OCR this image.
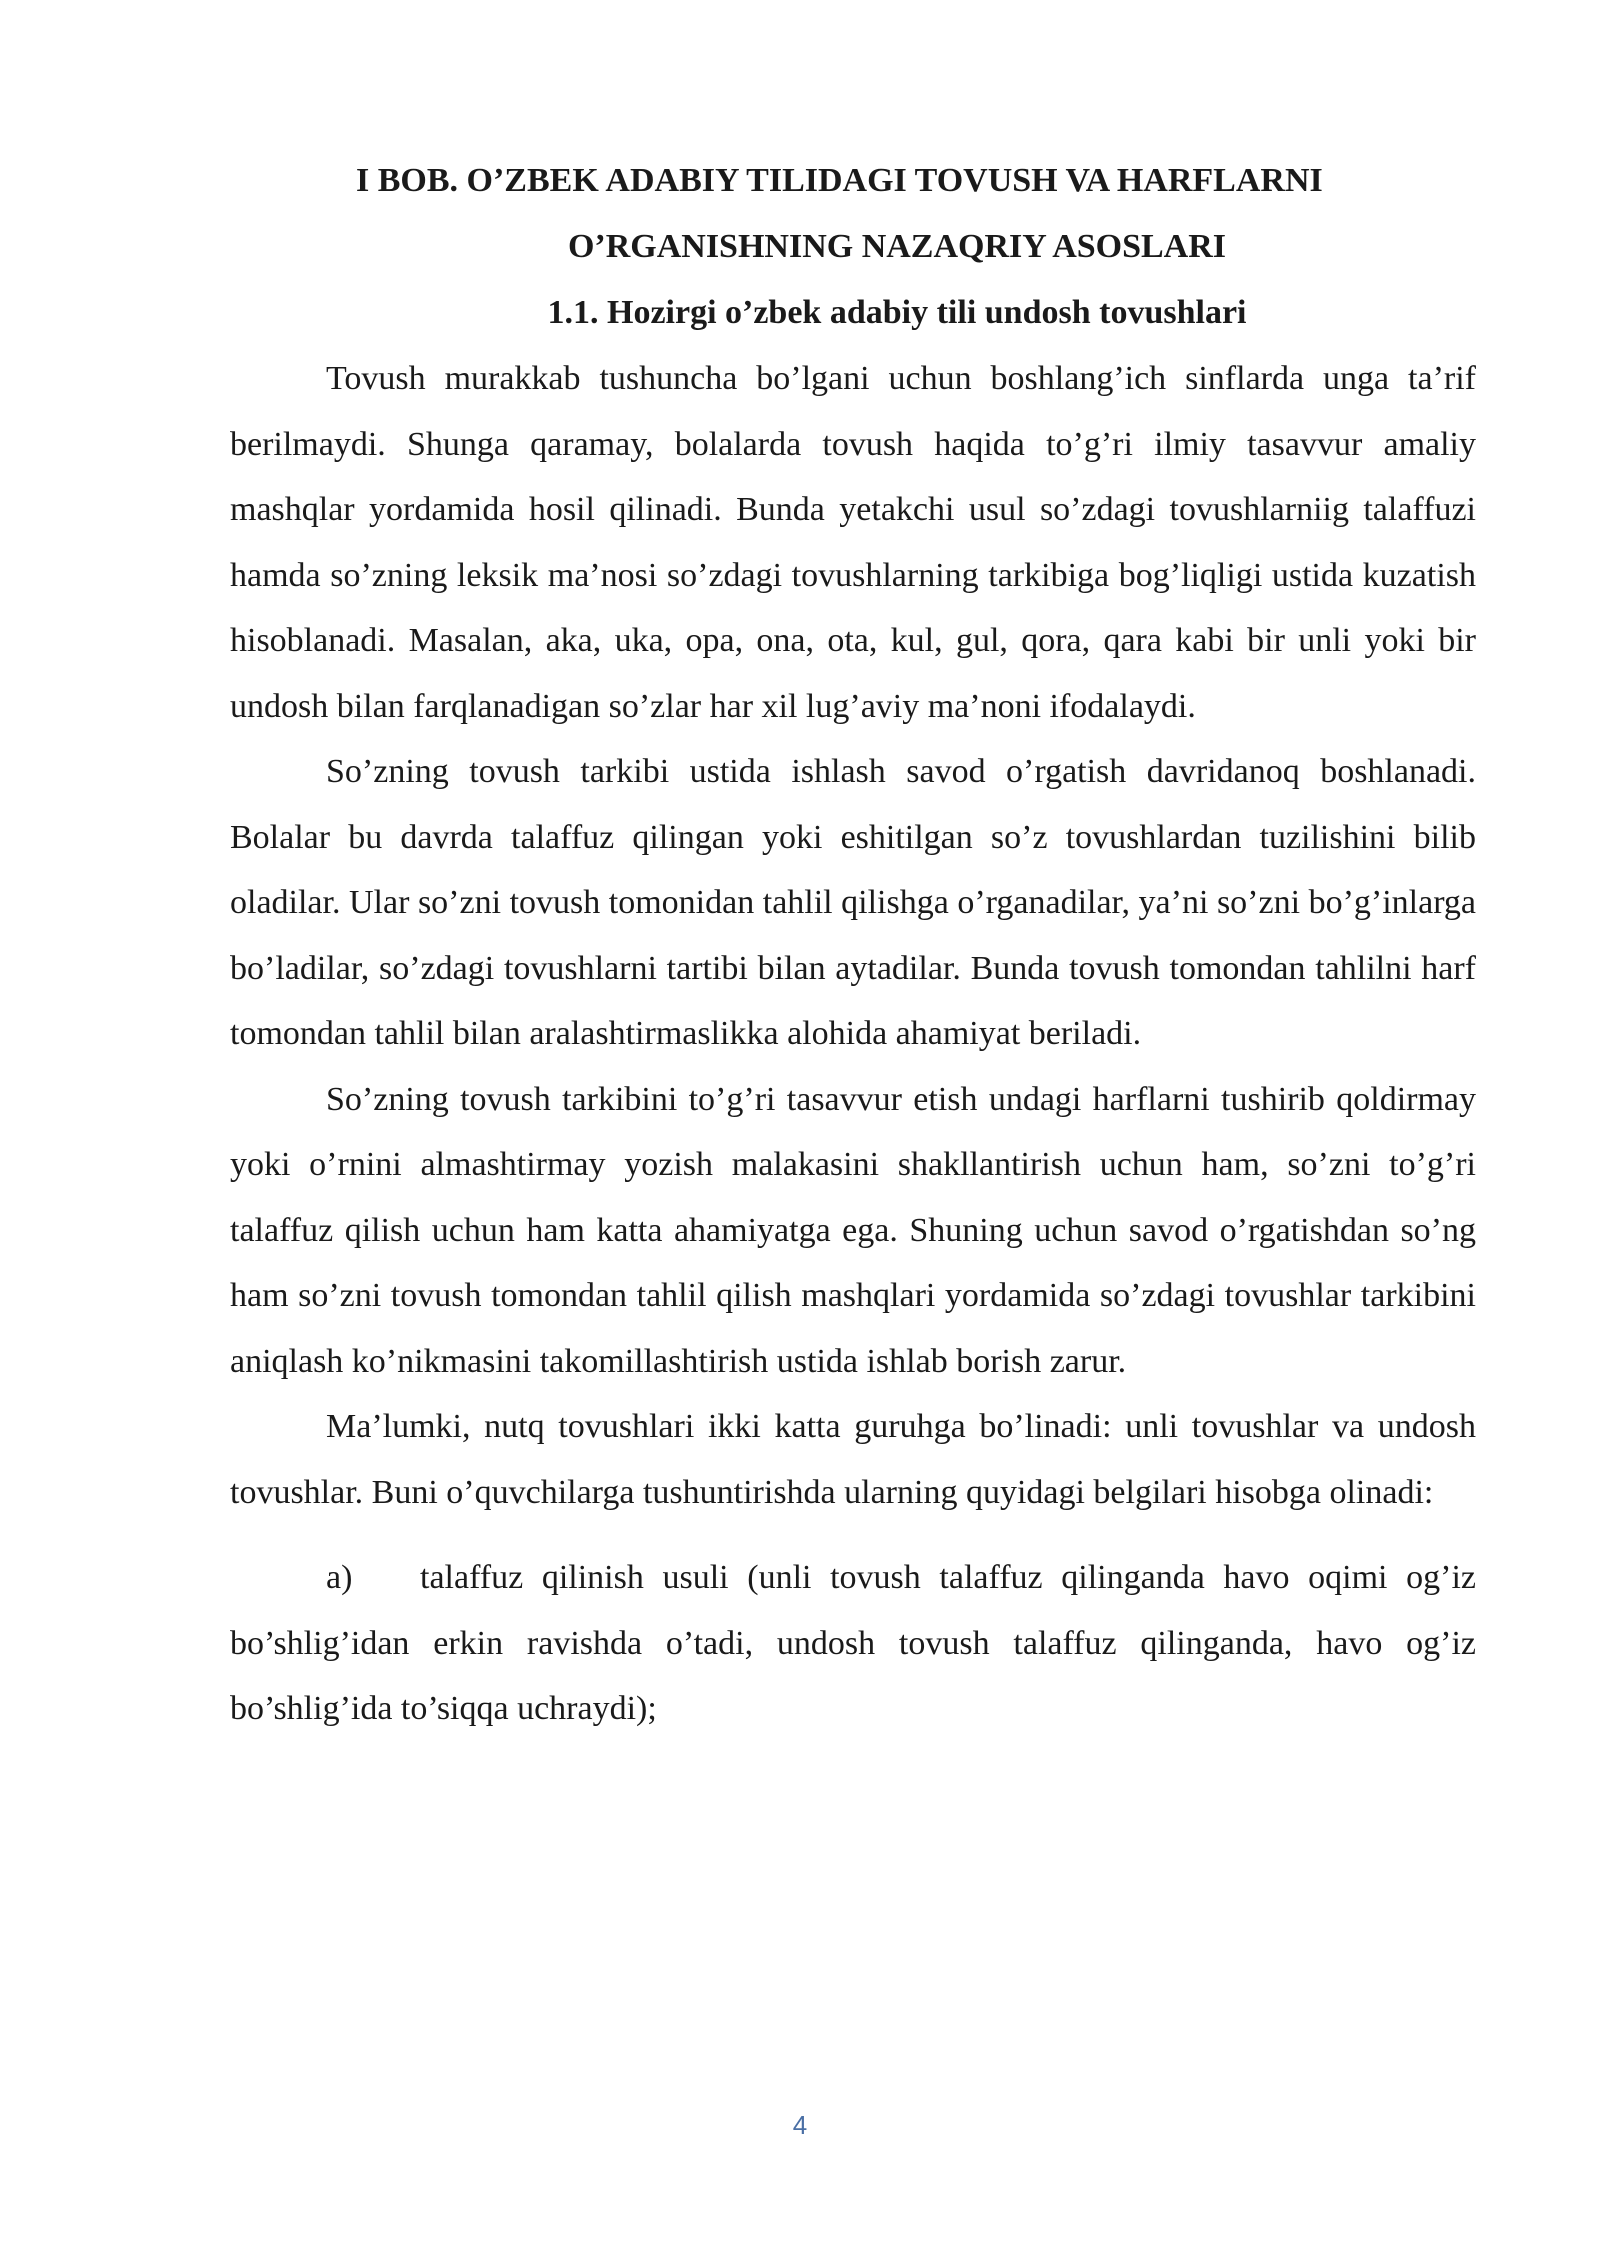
I BOB. O’ZBEK ADABIY TILIDAGI TOVUSH VA HARFLARNI

O’RGANISHNING NAZAQRIY ASOSLARI

1.1. Hozirgi o’zbek adabiy tili undosh tovushlari

Tovush murakkab tushuncha bo’lgani uchun boshlang’ich sinflarda unga ta’rif berilmaydi. Shunga qaramay, bolalarda tovush haqida to’g’ri ilmiy tasavvur amaliy mashqlar yordamida hosil qilinadi. Bunda yetakchi usul so’zdagi tovushlarniig talaffuzi hamda so’zning leksik ma’nosi so’zdagi tovushlarning tarkibiga bog’liqligi ustida kuzatish hisoblanadi. Masalan, aka, uka, opa, ona, ota, kul, gul, qora, qara kabi bir unli yoki bir undosh bilan farqlanadigan so’zlar har xil lug’aviy ma’noni ifodalaydi.

So’zning tovush tarkibi ustida ishlash savod o’rgatish davridanoq boshlanadi. Bolalar bu davrda talaffuz qilingan yoki eshitilgan so’z tovushlardan tuzilishini bilib oladilar. Ular so’zni tovush tomonidan tahlil qilishga o’rganadilar, ya’ni so’zni bo’g’inlarga bo’ladilar, so’zdagi tovushlarni tartibi bilan aytadilar. Bunda tovush tomondan tahlilni harf tomondan tahlil bilan aralashtirmaslikka alohida ahamiyat beriladi.

So’zning tovush tarkibini to’g’ri tasavvur etish undagi harflarni tushirib qoldirmay yoki o’rnini almashtirmay yozish malakasini shakllantirish uchun ham, so’zni to’g’ri talaffuz qilish uchun ham katta ahamiyatga ega. Shuning uchun savod o’rgatishdan so’ng ham so’zni tovush tomondan tahlil qilish mashqlari yordamida so’zdagi tovushlar tarkibini aniqlash ko’nikmasini takomillashtirish ustida ishlab borish zarur.

Ma’lumki, nutq tovushlari ikki katta guruhga bo’linadi: unli tovushlar va undosh tovushlar. Buni o’quvchilarga tushuntirishda ularning quyidagi belgilari hisobga olinadi:

a) talaffuz qilinish usuli (unli tovush talaffuz qilinganda havo oqimi og’iz bo’shlig’idan erkin ravishda o’tadi, undosh tovush talaffuz qilinganda, havo og’iz bo’shlig’ida to’siqqa uchraydi);

4
